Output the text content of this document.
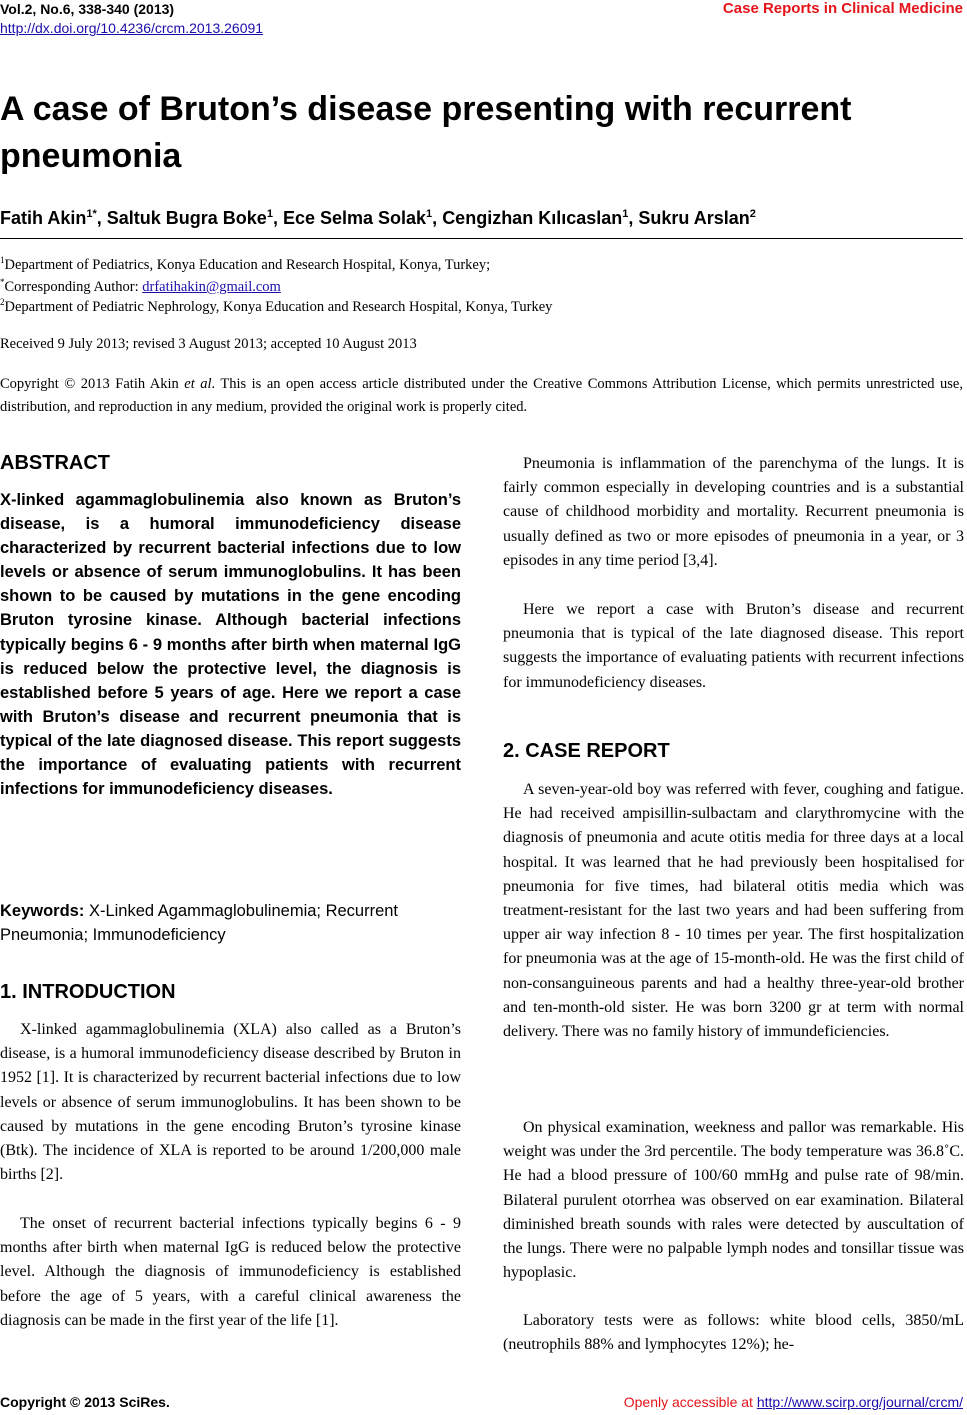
Vol.2, No.6, 338-340 (2013)
http://dx.doi.org/10.4236/crcm.2013.26091
Case Reports in Clinical Medicine
A case of Bruton’s disease presenting with recurrent pneumonia
Fatih Akin$^{1*}$, Saltuk Bugra Boke$^1$, Ece Selma Solak$^1$, Cengizhan Kılıcaslan$^1$, Sukru Arslan$^2$
$^1$Department of Pediatrics, Konya Education and Research Hospital, Konya, Turkey;
*Corresponding Author: drfatihakin@gmail.com
$^2$Department of Pediatric Nephrology, Konya Education and Research Hospital, Konya, Turkey
Received 9 July 2013; revised 3 August 2013; accepted 10 August 2013
Copyright © 2013 Fatih Akin et al. This is an open access article distributed under the Creative Commons Attribution License, which permits unrestricted use, distribution, and reproduction in any medium, provided the original work is properly cited.
ABSTRACT

X-linked agammaglobulinemia also known as Bruton’s disease, is a humoral immunodeficiency disease characterized by recurrent bacterial infections due to low levels or absence of serum immunoglobulins. It has been shown to be caused by mutations in the gene encoding Bruton tyrosine kinase. Although bacterial infections typically begins 6 - 9 months after birth when maternal IgG is reduced below the protective level, the diagnosis is established before 5 years of age. Here we report a case with Bruton’s disease and recurrent pneumonia that is typical of the late diagnosed disease. This report suggests the importance of evaluating patients with recurrent infections for immunodeficiency diseases.

Keywords: X-Linked Agammaglobulinemia; Recurrent Pneumonia; Immunodeficiency
1. INTRODUCTION

X-linked agammaglobulinemia (XLA) also called as a Bruton’s disease, is a humoral immunodeficiency disease described by Bruton in 1952 [1]. It is characterized by recurrent bacterial infections due to low levels or absence of serum immunoglobulins. It has been shown to be caused by mutations in the gene encoding Bruton’s tyrosine kinase (Btk). The incidence of XLA is reported to be around 1/200,000 male births [2].

The onset of recurrent bacterial infections typically begins 6 - 9 months after birth when maternal IgG is reduced below the protective level. Although the diagnosis of immunodeficiency is established before the age of 5 years, with a careful clinical awareness the diagnosis can be made in the first year of the life [1].

Pneumonia is inflammation of the parenchyma of the lungs. It is fairly common especially in developing countries and is a substantial cause of childhood morbidity and mortality. Recurrent pneumonia is usually defined as two or more episodes of pneumonia in a year, or 3 episodes in any time period [3,4].

Here we report a case with Bruton’s disease and recurrent pneumonia that is typical of the late diagnosed disease. This report suggests the importance of evaluating patients with recurrent infections for immunodeficiency diseases.

2. CASE REPORT

A seven-year-old boy was referred with fever, coughing and fatigue. He had received ampisillin-sulbactam and clarythromycine with the diagnosis of pneumonia and acute otitis media for three days at a local hospital. It was learned that he had previously been hospitalised for pneumonia for five times, had bilateral otitis media which was treatment-resistant for the last two years and had been suffering from upper air way infection 8 - 10 times per year. The first hospitalization for pneumonia was at the age of 15-month-old. He was the first child of non-consanguineous parents and had a healthy three-year-old brother and ten-month-old sister. He was born 3200 gr at term with normal delivery. There was no family history of immundeficiencies.

On physical examination, weekness and pallor was remarkable. His weight was under the 3rd percentile. The body temperature was 36.8˚C. He had a blood pressure of 100/60 mmHg and pulse rate of 98/min. Bilateral purulent otorrhea was observed on ear examination. Bilateral diminished breath sounds with rales were detected by auscultation of the lungs. There were no palpable lymph nodes and tonsillar tissue was hypoplasic.

Laboratory tests were as follows: white blood cells, 3850/mL (neutrophils 88% and lymphocytes 12%); he-

Copyright © 2013 SciRes.	Openly accessible at http://www.scirp.org/journal/crcm/
